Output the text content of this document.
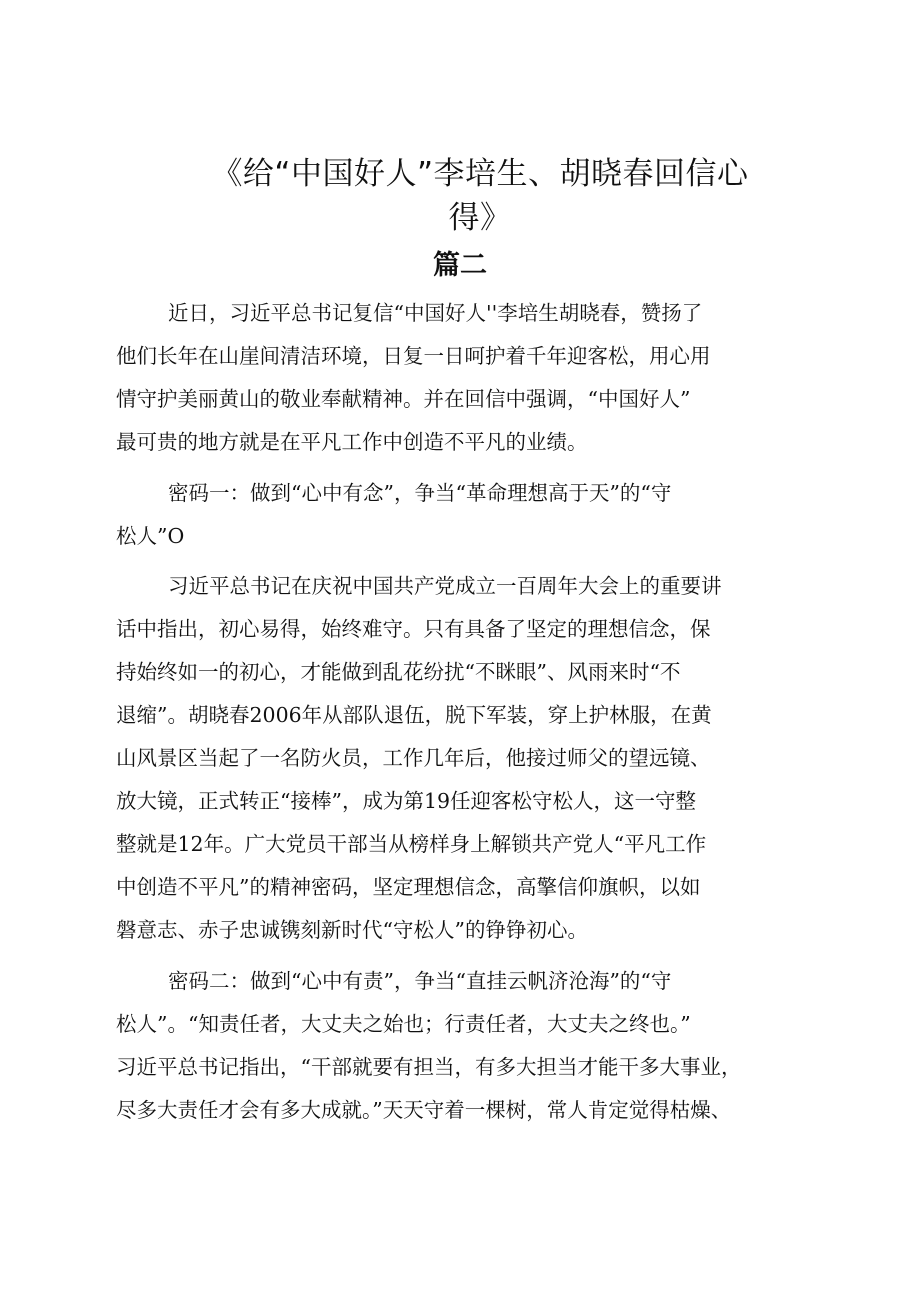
《给“中国好人”李培生、胡晓春回信心
得》
篇二

近日，习近平总书记复信“中国好人''李培生胡晓春，赞扬了

他们长年在山崖间清洁环境，日复一日呵护着千年迎客松，用心用

情守护美丽黄山的敬业奉献精神。并在回信中强调，“中国好人”

最可贵的地方就是在平凡工作中创造不平凡的业绩。

密码一：做到“心中有念”，争当“革命理想高于天”的“守

松人”O

习近平总书记在庆祝中国共产党成立一百周年大会上的重要讲

话中指出，初心易得，始终难守。只有具备了坚定的理想信念，保

持始终如一的初心，才能做到乱花纷扰“不眯眼”、风雨来时“不

退缩”。胡晓春2006年从部队退伍，脱下军装，穿上护林服，在黄

山风景区当起了一名防火员，工作几年后，他接过师父的望远镜、

放大镜，正式转正“接棒”，成为第19任迎客松守松人，这一守整

整就是12年。广大党员干部当从榜样身上解锁共产党人“平凡工作

中创造不平凡”的精神密码，坚定理想信念，高擎信仰旗帜，以如

磐意志、赤子忠诚镌刻新时代“守松人”的铮铮初心。

密码二：做到“心中有责”，争当“直挂云帆济沧海”的“守

松人”。“知责任者，大丈夫之始也；行责任者，大丈夫之终也。”

习近平总书记指出，“干部就要有担当，有多大担当才能干多大事业，

尽多大责任才会有多大成就。”天天守着一棵树，常人肯定觉得枯燥、
